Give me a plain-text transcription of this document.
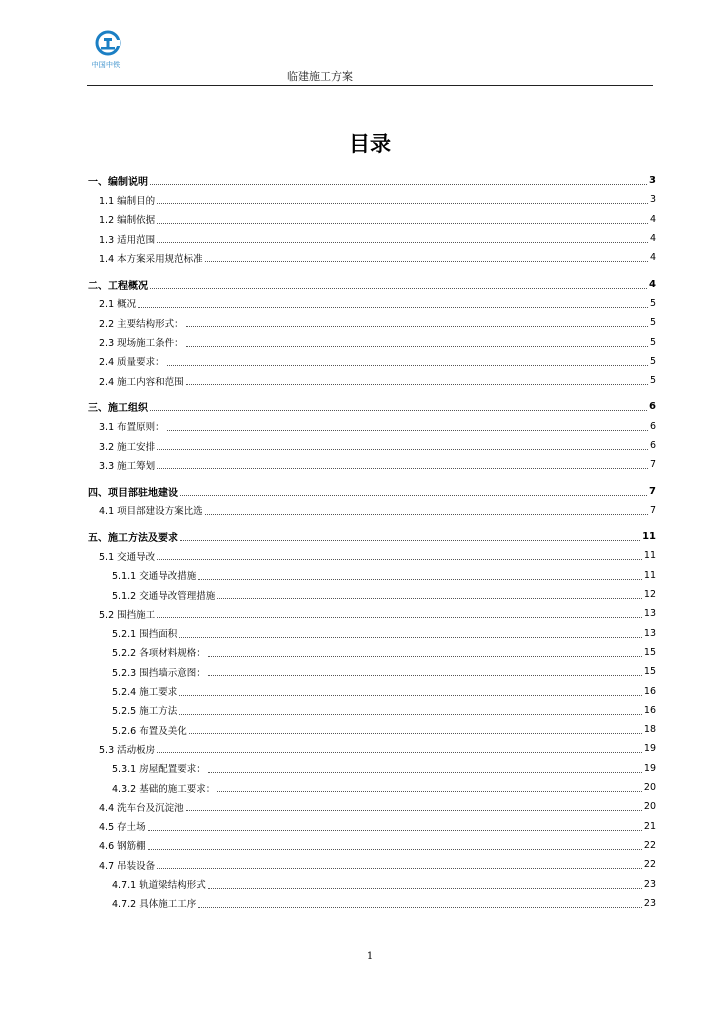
中国中铁
临建施工方案
目录
一、编制说明	3
1.1 编制目的	3
1.2 编制依据	4
1.3 适用范围	4
1.4 本方案采用规范标准	4
二、工程概况	4
2.1 概况	5
2.2 主要结构形式：	5
2.3 现场施工条件：	5
2.4 质量要求：	5
2.4 施工内容和范围	5
三、施工组织	6
3.1 布置原则：	6
3.2 施工安排	6
3.3 施工筹划	7
四、项目部驻地建设	7
4.1 项目部建设方案比选	7
五、施工方法及要求	11
5.1 交通导改	11
5.1.1 交通导改措施	11
5.1.2 交通导改管理措施	12
5.2 围挡施工	13
5.2.1 围挡面积	13
5.2.2 各项材料规格：	15
5.2.3 围挡墙示意图：	15
5.2.4 施工要求	16
5.2.5 施工方法	16
5.2.6 布置及美化	18
5.3 活动板房	19
5.3.1 房屋配置要求：	19
4.3.2 基础的施工要求：	20
4.4 洗车台及沉淀池	20
4.5 存土场	21
4.6 钢筋棚	22
4.7 吊装设备	22
4.7.1 轨道梁结构形式	23
4.7.2 具体施工工序	23
1
